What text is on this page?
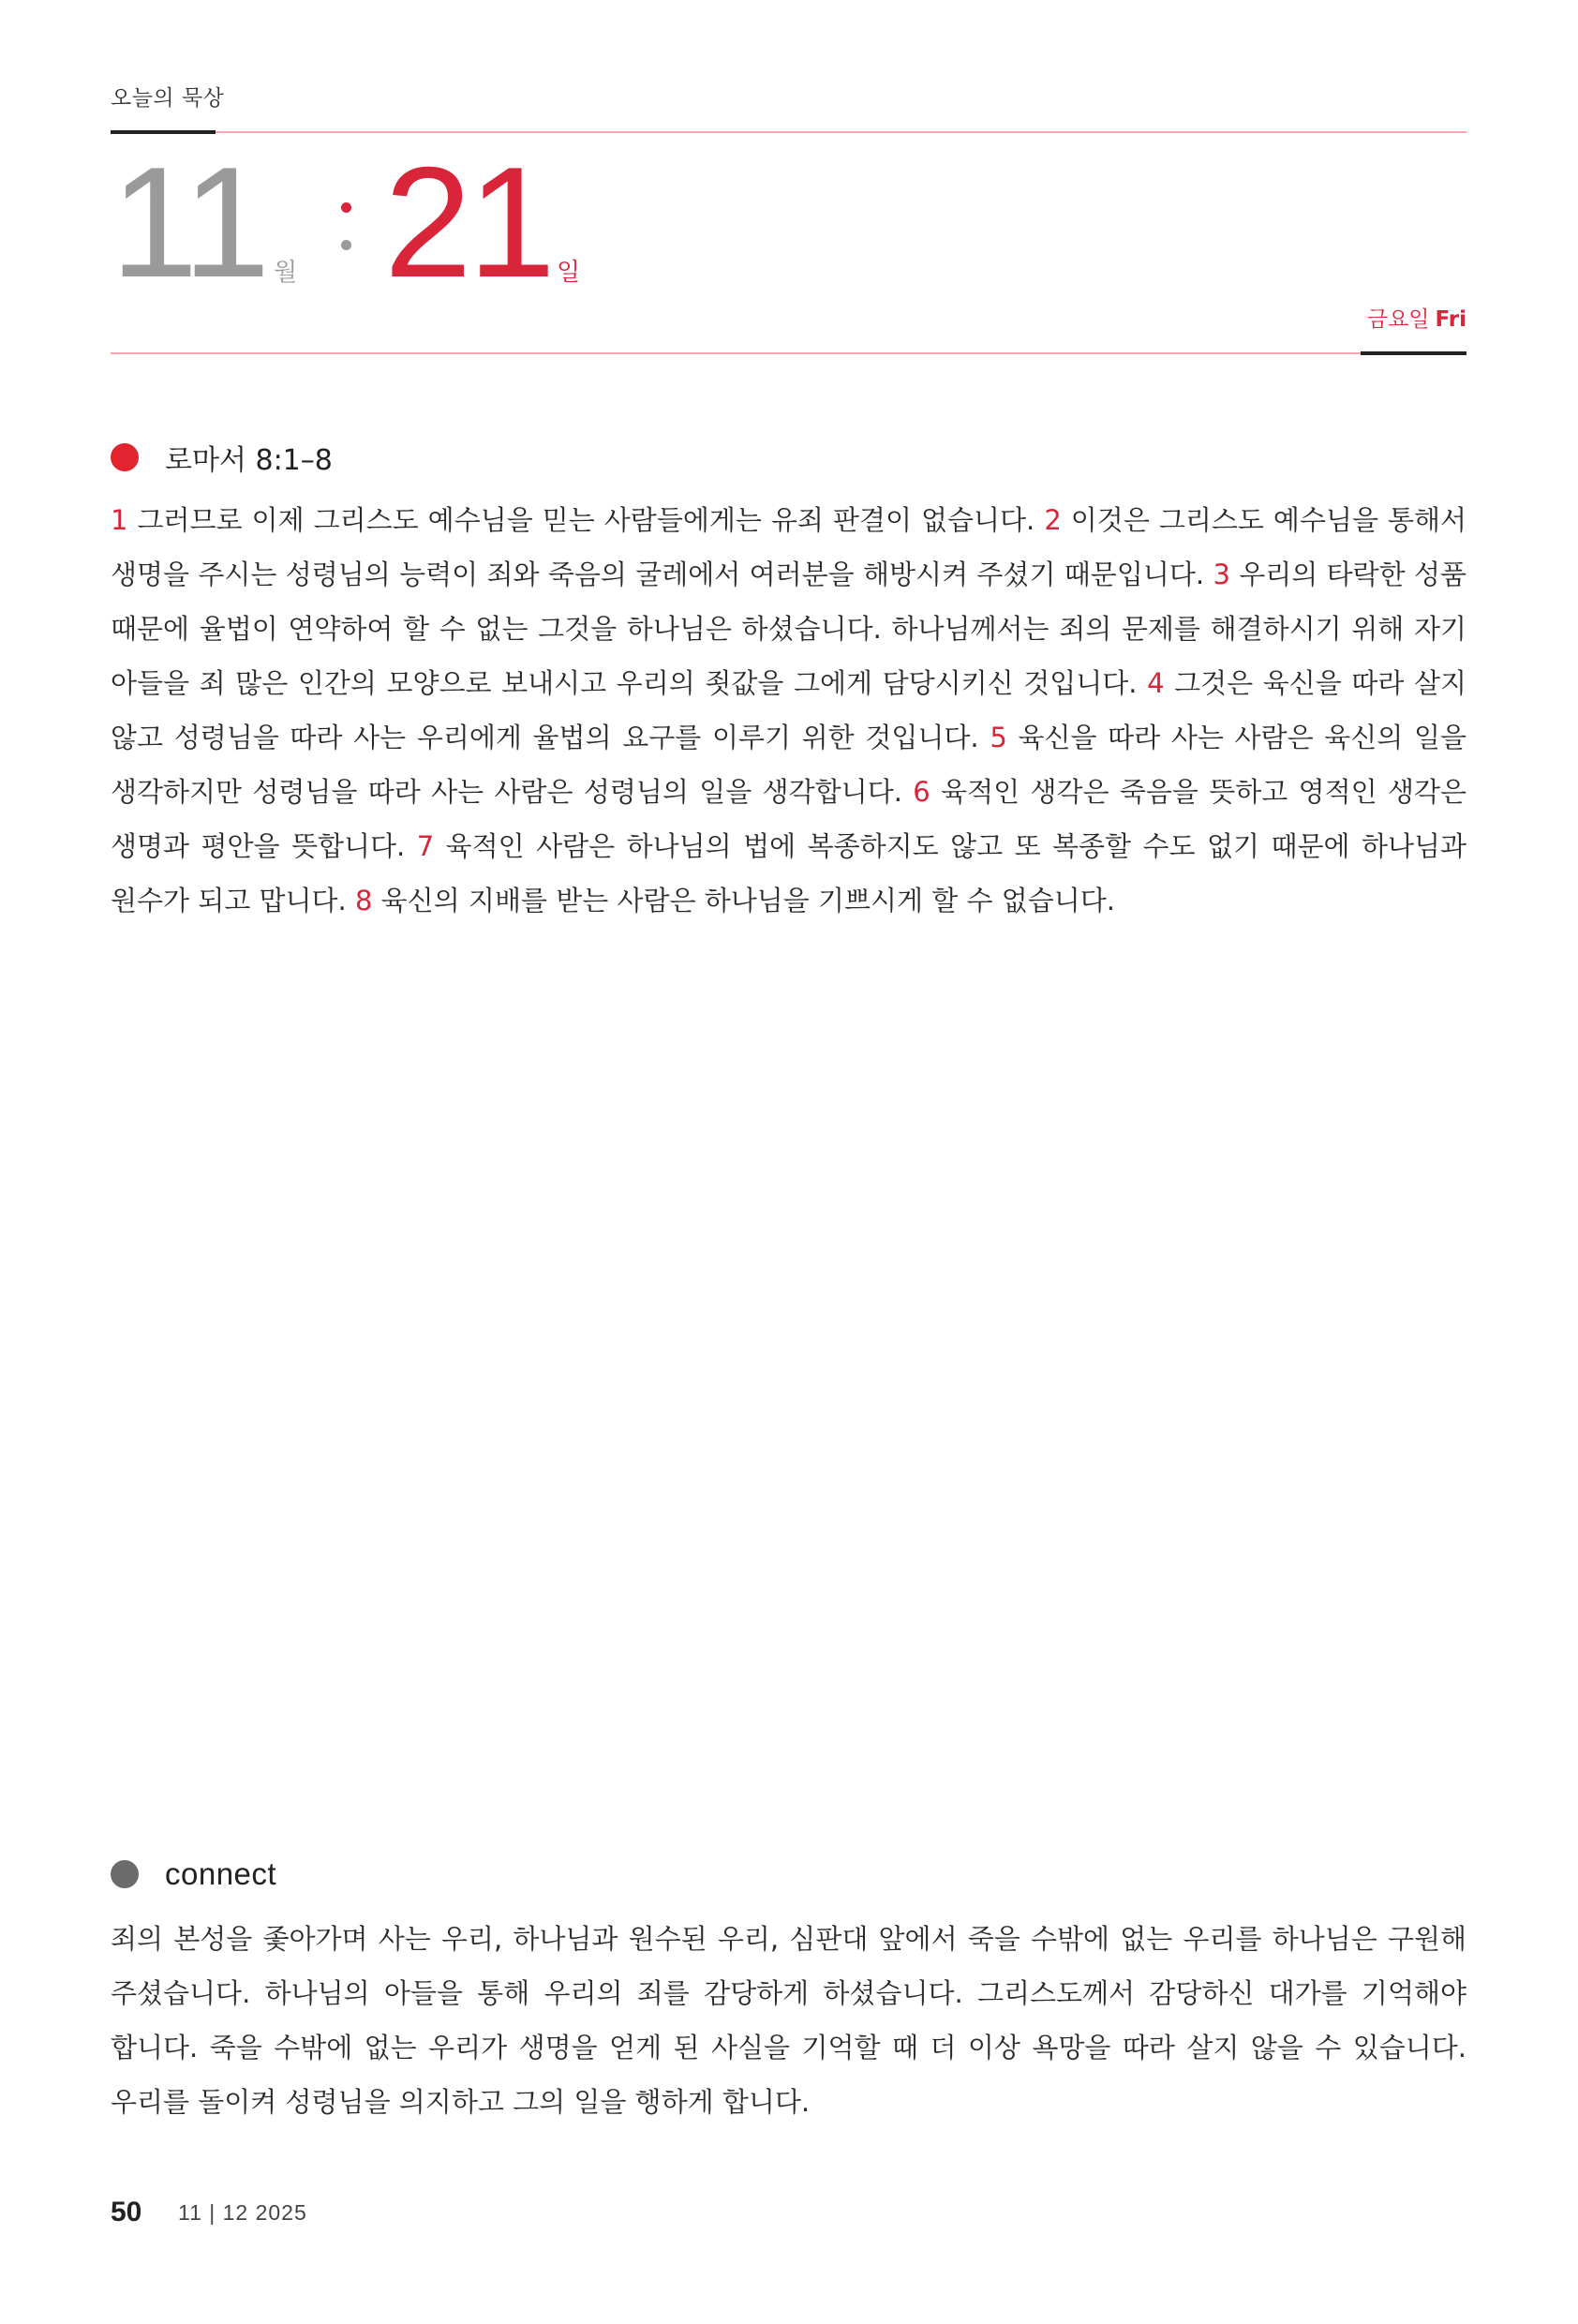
오늘의 묵상
11 월 21 일
금요일 Fri
로마서 8:1–8

1 그러므로 이제 그리스도 예수님을 믿는 사람들에게는 유죄 판결이 없습니다. 2 이것은 그리스도 예수님을 통해서 생명을 주시는 성령님의 능력이 죄와 죽음의 굴레에서 여러분을 해방시켜 주셨기 때문입니다. 3 우리의 타락한 성품 때문에 율법이 연약하여 할 수 없는 그것을 하나님은 하셨습니다. 하나님께서는 죄의 문제를 해결하시기 위해 자기 아들을 죄 많은 인간의 모양으로 보내시고 우리의 죗값을 그에게 담당시키신 것입니다. 4 그것은 육신을 따라 살지 않고 성령님을 따라 사는 우리에게 율법의 요구를 이루기 위한 것입니다. 5 육신을 따라 사는 사람은 육신의 일을 생각하지만 성령님을 따라 사는 사람은 성령님의 일을 생각합니다. 6 육적인 생각은 죽음을 뜻하고 영적인 생각은 생명과 평안을 뜻합니다. 7 육적인 사람은 하나님의 법에 복종하지도 않고 또 복종할 수도 없기 때문에 하나님과 원수가 되고 맙니다. 8 육신의 지배를 받는 사람은 하나님을 기쁘시게 할 수 없습니다.

connect

죄의 본성을 좇아가며 사는 우리, 하나님과 원수된 우리, 심판대 앞에서 죽을 수밖에 없는 우리를 하나님은 구원해 주셨습니다. 하나님의 아들을 통해 우리의 죄를 감당하게 하셨습니다. 그리스도께서 감당하신 대가를 기억해야 합니다. 죽을 수밖에 없는 우리가 생명을 얻게 된 사실을 기억할 때 더 이상 욕망을 따라 살지 않을 수 있습니다. 우리를 돌이켜 성령님을 의지하고 그의 일을 행하게 합니다.

50 11 | 12 2025
